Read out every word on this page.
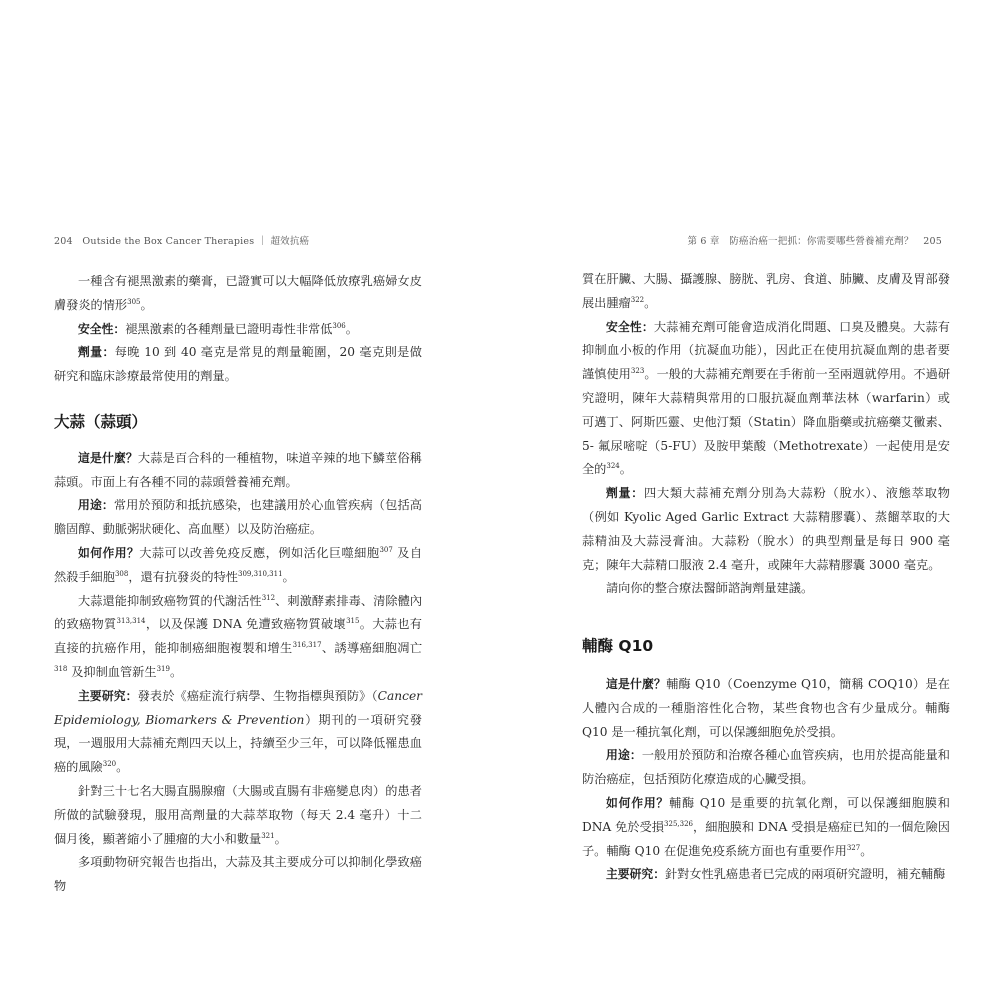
204　Outside the Box Cancer Therapies ｜ 超效抗癌

一種含有褪黑激素的藥膏，已證實可以大幅降低放療乳癌婦女皮膚發炎的情形$^{305}$。

安全性：褪黑激素的各種劑量已證明毒性非常低$^{306}$。

劑量：每晚 10 到 40 毫克是常見的劑量範圍，20 毫克則是做研究和臨床診療最常使用的劑量。

大蒜（蒜頭）

這是什麼？大蒜是百合科的一種植物，味道辛辣的地下鱗莖俗稱蒜頭。市面上有各種不同的蒜頭營養補充劑。

用途：常用於預防和抵抗感染，也建議用於心血管疾病（包括高膽固醇、動脈粥狀硬化、高血壓）以及防治癌症。

如何作用？大蒜可以改善免疫反應，例如活化巨噬細胞$^{307}$ 及自然殺手細胞$^{308}$，還有抗發炎的特性$^{309,310,311}$。

大蒜還能抑制致癌物質的代謝活性$^{312}$、刺激酵素排毒、清除體內的致癌物質$^{313,314}$，以及保護 DNA 免遭致癌物質破壞$^{315}$。大蒜也有直接的抗癌作用，能抑制癌細胞複製和增生$^{316,317}$、誘導癌細胞凋亡$^{318}$ 及抑制血管新生$^{319}$。

主要研究：發表於《癌症流行病學、生物指標與預防》（Cancer Epidemiology, Biomarkers & Prevention）期刊的一項研究發現，一週服用大蒜補充劑四天以上，持續至少三年，可以降低罹患血癌的風險$^{320}$。

針對三十七名大腸直腸腺瘤（大腸或直腸有非癌變息肉）的患者所做的試驗發現，服用高劑量的大蒜萃取物（每天 2.4 毫升）十二個月後，顯著縮小了腫瘤的大小和數量$^{321}$。

多項動物研究報告也指出，大蒜及其主要成分可以抑制化學致癌物

第 6 章　防癌治癌一把抓：你需要哪些營養補充劑？　205

質在肝臟、大腸、攝護腺、膀胱、乳房、食道、肺臟、皮膚及胃部發展出腫瘤$^{322}$。

安全性：大蒜補充劑可能會造成消化問題、口臭及體臭。大蒜有抑制血小板的作用（抗凝血功能），因此正在使用抗凝血劑的患者要謹慎使用$^{323}$。一般的大蒜補充劑要在手術前一至兩週就停用。不過研究證明，陳年大蒜精與常用的口服抗凝血劑華法林（warfarin）或可邁丁、阿斯匹靈、史他汀類（Statin）降血脂藥或抗癌藥艾黴素、5- 氟尿嘧啶（5-FU）及胺甲葉酸（Methotrexate）一起使用是安全的$^{324}$。

劑量：四大類大蒜補充劑分別為大蒜粉（脫水）、液態萃取物（例如 Kyolic Aged Garlic Extract 大蒜精膠囊）、蒸餾萃取的大蒜精油及大蒜浸膏油。大蒜粉（脫水）的典型劑量是每日 900 毫克；陳年大蒜精口服液 2.4 毫升，或陳年大蒜精膠囊 3000 毫克。

請向你的整合療法醫師諮詢劑量建議。

輔酶 Q10

這是什麼？輔酶 Q10（Coenzyme Q10，簡稱 COQ10）是在人體內合成的一種脂溶性化合物，某些食物也含有少量成分。輔酶 Q10 是一種抗氧化劑，可以保護細胞免於受損。

用途：一般用於預防和治療各種心血管疾病，也用於提高能量和防治癌症，包括預防化療造成的心臟受損。

如何作用？輔酶 Q10 是重要的抗氧化劑，可以保護細胞膜和 DNA 免於受損$^{325,326}$，細胞膜和 DNA 受損是癌症已知的一個危險因子。輔酶 Q10 在促進免疫系統方面也有重要作用$^{327}$。

主要研究：針對女性乳癌患者已完成的兩項研究證明，補充輔酶
